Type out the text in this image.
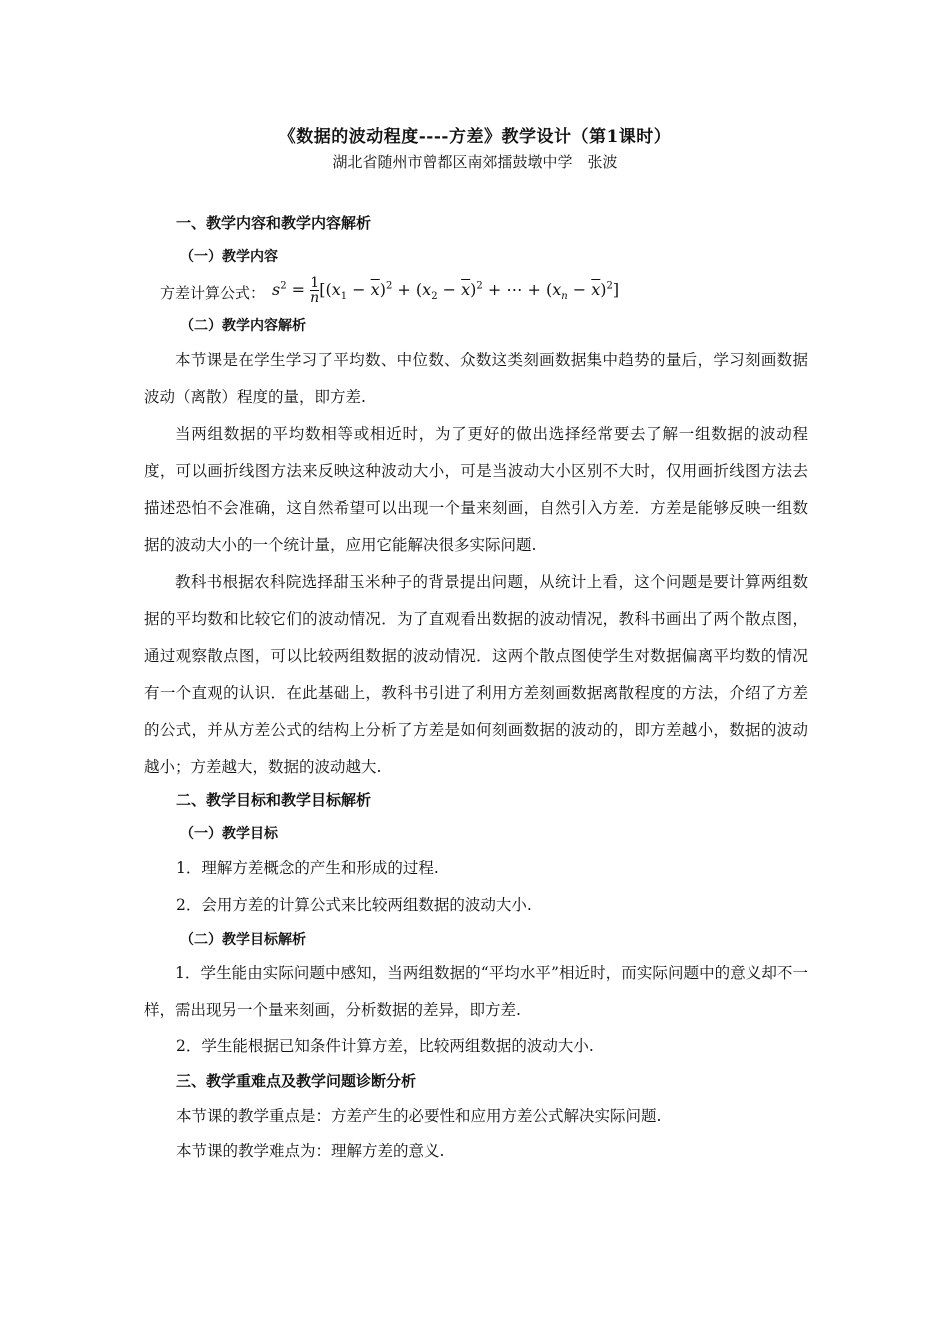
《数据的波动程度----方差》教学设计（第1课时）
湖北省随州市曾都区南郊擂鼓墩中学　张波
一、教学内容和教学内容解析
（一）教学内容
方差计算公式： $s^2 = \frac{1}{n} [(x_1 - \overline{x})^2 + (x_2 - \overline{x})^2$ + ⋯ + $(x_n - \overline{x})^2$]
（二）教学内容解析
本节课是在学生学习了平均数、中位数、众数这类刻画数据集中趋势的量后，学习刻画数据波动（离散）程度的量，即方差.
当两组数据的平均数相等或相近时，为了更好的做出选择经常要去了解一组数据的波动程度，可以画折线图方法来反映这种波动大小，可是当波动大小区别不大时，仅用画折线图方法去描述恐怕不会准确，这自然希望可以出现一个量来刻画，自然引入方差．方差是能够反映一组数据的波动大小的一个统计量，应用它能解决很多实际问题.
教科书根据农科院选择甜玉米种子的背景提出问题，从统计上看，这个问题是要计算两组数据的平均数和比较它们的波动情况．为了直观看出数据的波动情况，教科书画出了两个散点图，通过观察散点图，可以比较两组数据的波动情况．这两个散点图使学生对数据偏离平均数的情况有一个直观的认识．在此基础上，教科书引进了利用方差刻画数据离散程度的方法，介绍了方差的公式，并从方差公式的结构上分析了方差是如何刻画数据的波动的，即方差越小，数据的波动越小；方差越大，数据的波动越大.
二、教学目标和教学目标解析
（一）教学目标
1．理解方差概念的产生和形成的过程.
2．会用方差的计算公式来比较两组数据的波动大小.
（二）教学目标解析
1．学生能由实际问题中感知，当两组数据的“平均水平”相近时，而实际问题中的意义却不一样，需出现另一个量来刻画，分析数据的差异，即方差.
2．学生能根据已知条件计算方差，比较两组数据的波动大小.
三、教学重难点及教学问题诊断分析
本节课的教学重点是：方差产生的必要性和应用方差公式解决实际问题.
本节课的教学难点为：理解方差的意义.
